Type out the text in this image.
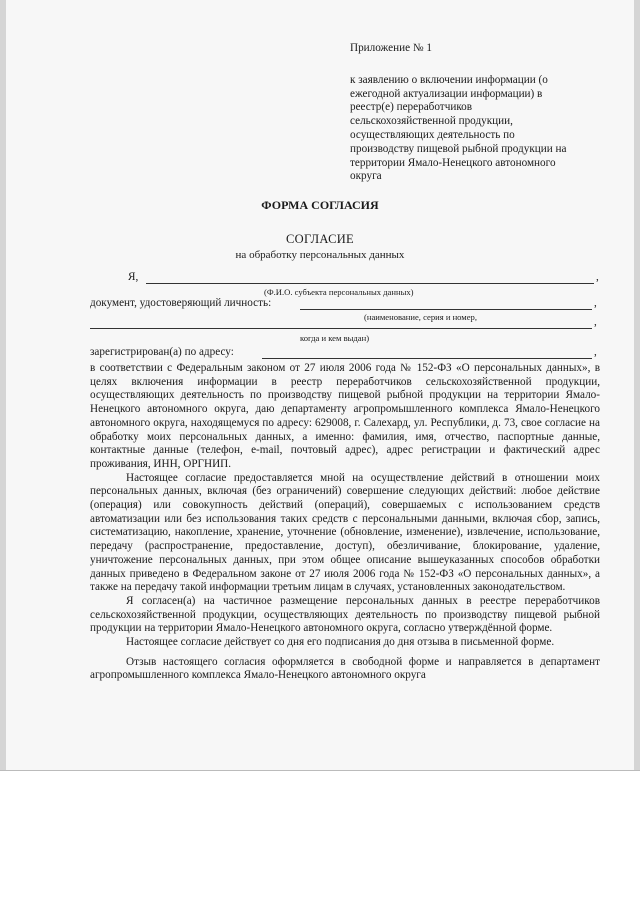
Приложение № 1
к заявлению о включении информации (о
ежегодной актуализации информации) в
реестр(е) переработчиков
сельскохозяйственной продукции,
осуществляющих деятельность по
производству пищевой рыбной продукции на
территории Ямало-Ненецкого автономного
округа
ФОРМА СОГЛАСИЯ
СОГЛАСИЕ
на обработку персональных данных
Я,	,
(Ф.И.О. субъекта персональных данных)
документ, удостоверяющий личность:	,
(наименование, серия и номер,	,
когда и кем выдан)
зарегистрирован(а) по адресу:	,

в соответствии с Федеральным законом от 27 июля 2006 года № 152-ФЗ «О персональных данных», в целях включения информации в реестр переработчиков сельскохозяйственной продукции, осуществляющих деятельность по производству пищевой рыбной продукции на территории Ямало-Ненецкого автономного округа, даю департаменту агропромышленного комплекса Ямало-Ненецкого автономного округа, находящемуся по адресу: 629008, г. Салехард, ул. Республики, д. 73, свое согласие на обработку моих персональных данных, а именно: фамилия, имя, отчество, паспортные данные, контактные данные (телефон, e-mail, почтовый адрес), адрес регистрации и фактический адрес проживания, ИНН, ОРГНИП.

Настоящее согласие предоставляется мной на осуществление действий в отношении моих персональных данных, включая (без ограничений) совершение следующих действий: любое действие (операция) или совокупность действий (операций), совершаемых с использованием средств автоматизации или без использования таких средств с персональными данными, включая сбор, запись, систематизацию, накопление, хранение, уточнение (обновление, изменение), извлечение, использование, передачу (распространение, предоставление, доступ), обезличивание, блокирование, удаление, уничтожение персональных данных, при этом общее описание вышеуказанных способов обработки данных приведено в Федеральном законе от 27 июля 2006 года № 152-ФЗ «О персональных данных», а также на передачу такой информации третьим лицам в случаях, установленных законодательством.

Я согласен(а) на частичное размещение персональных данных в реестре переработчиков сельскохозяйственной продукции, осуществляющих деятельность по производству пищевой рыбной продукции на территории Ямало-Ненецкого автономного округа, согласно утверждённой форме.

Настоящее согласие действует со дня его подписания до дня отзыва в письменной форме.

Отзыв настоящего согласия оформляется в свободной форме и направляется в департамент агропромышленного комплекса Ямало-Ненецкого автономного округа
